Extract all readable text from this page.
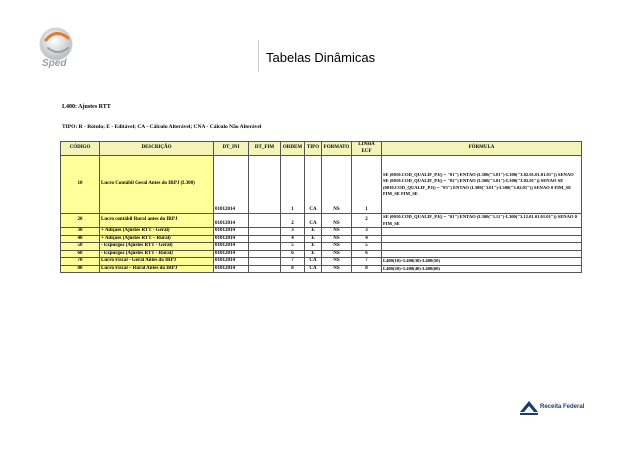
Sped	Tabelas Dinâmicas
L400: Ajustes RTT
TIPO: R - Rótulo; E - Editável; CA - Cálculo Alterável; CNA - Cálculo Não Alterável
CÓDIGO	DESCRIÇÃO	DT_INI	DT_FIM	ORDEM	TIPO	FORMATO	LINHA ECF	FÓRMULA
10	Lucro Contábil Geral Antes do IRPJ (L300)	01012014		1	CA	NS	1	SE (0010.COD_QUALIF_PJ() = "01") ENTAO (L300("3.01")-L300("3.02.01.01.01.01")) SENAO SE (0010.COD_QUALIF_PJ() = "02") ENTAO (L300("3.01")-L300("3.02.01")) SENAO SE (0010.COD_QUALIF_PJ() = "03") ENTAO (L300("3.01")-L300("3.02.01")) SENAO 0 FIM_SE FIM_SE FIM_SE
20	Lucro contábil Rural antes do IRPJ	01012014		2	CA	NS	2	SE (0010.COD_QUALIF_PJ() = "01") ENTAO (L300("3.11")-L300("3.12.01.01.01.01")) SENAO 0 FIM_SE
30	+ Adições (Ajustes RTT - Geral)	01012014		3	E	NS	3	
40	+ Adições (Ajustes RTT – Rural)	01012014		4	E	NS	4	
50	- Expurgos (Ajustes RTT - Geral)	01012014		5	E	NS	5	
60	- Expurgos (Ajustes RTT - Rural)	01012014		6	E	NS	6	
70	Lucro Fiscal - Geral Antes do IRPJ	01012014		7	CA	NS	7	L400(10)+L400(30)-L400(50)
80	Lucro Fiscal – Rural Antes do IRPJ	01012014		8	CA	NS	8	L400(20)+L400(40)-L400(60)
Receita Federal
